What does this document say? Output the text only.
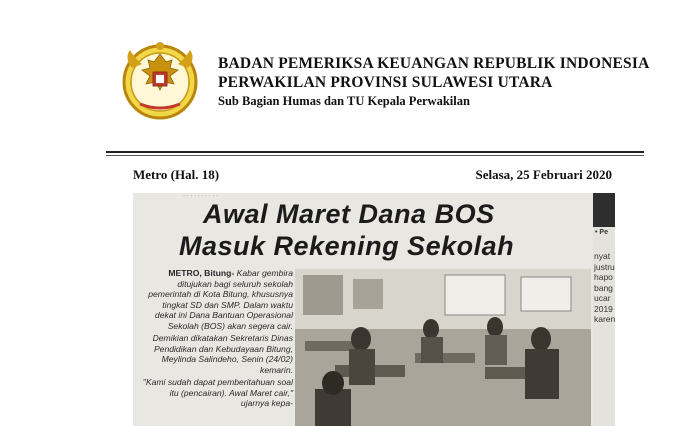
BADAN PEMERIKSA KEUANGAN REPUBLIK INDONESIA
PERWAKILAN PROVINSI SULAWESI UTARA
Sub Bagian Humas dan TU Kepala Perwakilan
Metro (Hal. 18)	Selasa, 25 Februari 2020
· · · · · · · · · ·
Awal Maret Dana BOS
Masuk Rekening Sekolah

METRO, Bitung- Kabar gembira ditujukan bagi seluruh sekolah pemerintah di Kota Bitung, khususnya tingkat SD dan SMP. Dalam waktu dekat ini Dana Bantuan Operasional Sekolah (BOS) akan segera cair.

Demikian dikatakan Sekretaris Dinas Pendidikan dan Kebudayaan Bitung, Meylinda Salindeho, Senin (24/02) kemarin.

"Kami sudah dapat pemberitahuan soal itu (pencairan). Awal Maret cair," ujarnya kepa-

• Pe
nyat
justru
hapo
bang
ucar
2019
karen
